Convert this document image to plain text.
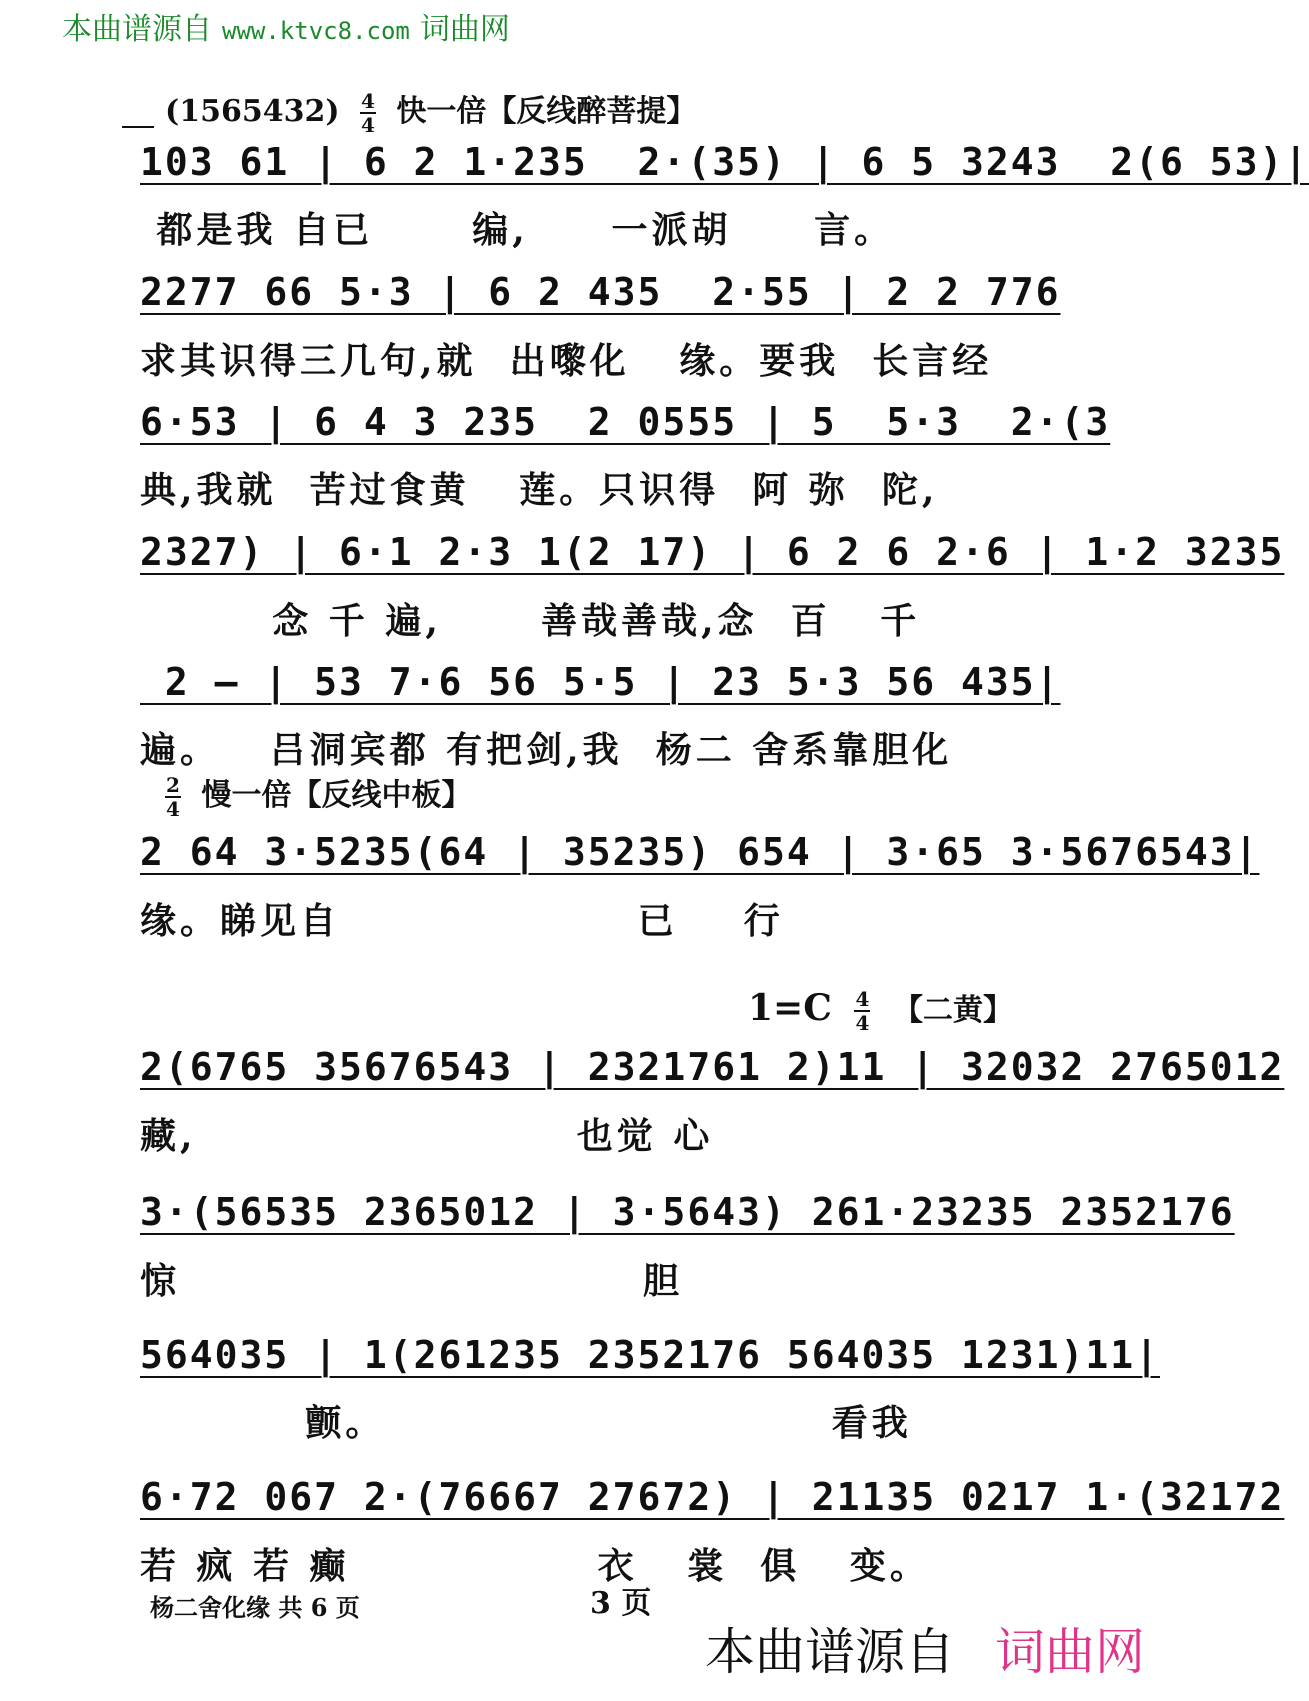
本曲谱源自 www.ktvc8.com 词曲网
$(1565432) \frac{4}{4}$ 快一倍【反线醉菩提】
103 61 | 6 2 1·235  2·(35) | 6 5 3243  2(6 53)|
都是我 自已      编,     一派胡     言。
2277 66 5·3 | 6 2 435  2·55 | 2 2 776
求其识得三几句,就  出嚟化   缘。要我  长言经
6·53 | 6 4 3 235  2 0555 | 5  5·3  2·(3
典,我就  苦过食黄   莲。只识得  阿 弥  陀,
2327) | 6·1 2·3 1(2 17) | 6 2 6 2·6 | 1·2 3235
念 千 遍,      善哉善哉,念  百   千
2 — | 53 7·6 56 5·5 | 23 5·3 56 435|
遍。   吕洞宾都 有把剑,我  杨二 舍系靠胆化
$\frac{2}{4}$ 慢一倍【反线中板】
2 64 3·5235(64 | 35235) 654 | 3·65 3·5676543|
缘。睇见自                  已    行
$1=C \frac{4}{4}$ 【二黄】
2(6765 35676543 | 2321761 2)11 | 32032 2765012
藏,                       也觉 心
3·(56535 2365012 | 3·5643) 261·23235 2352176
惊                            胆
564035 | 1(261235 2352176 564035 1231)11|
颤。                           看我
6·72 067 2·(76667 27672) | 21135 0217 1·(32172
若 疯 若 癫               衣   裳  俱   变。
杨二舍化缘 共 6 页	3 页
本曲谱源自 词曲网
